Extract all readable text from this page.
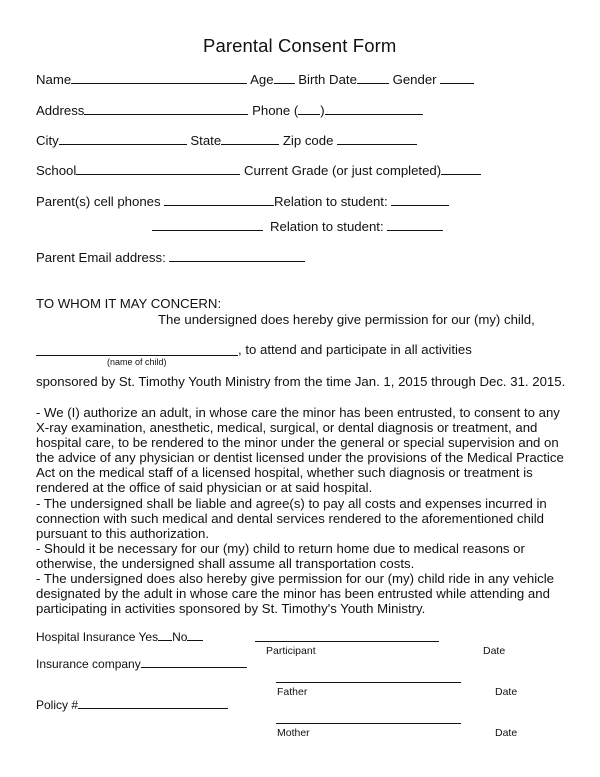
Parental Consent Form
Name	Age Birth Date	Gender
Address	Phone ( )
City	State	Zip code
School	Current Grade (or just completed)
Parent(s) cell phones	Relation to student:
Relation to student:
Parent Email address:
TO WHOM IT MAY CONCERN:
The undersigned does hereby give permission for our (my) child,
, to attend and participate in all activities
(name of child)
sponsored by St. Timothy Youth Ministry from the time Jan. 1, 2015 through Dec. 31. 2015.

- We (I) authorize an adult, in whose care the minor has been entrusted, to consent to any X-ray examination, anesthetic, medical, surgical, or dental diagnosis or treatment, and hospital care, to be rendered to the minor under the general or special supervision and on the advice of any physician or dentist licensed under the provisions of the Medical Practice Act on the medical staff of a licensed hospital, whether such diagnosis or treatment is rendered at the office of said physician or at said hospital.

- The undersigned shall be liable and agree(s) to pay all costs and expenses incurred in connection with such medical and dental services rendered to the aforementioned child pursuant to this authorization.

- Should it be necessary for our (my) child to return home due to medical reasons or otherwise, the undersigned shall assume all transportation costs.

- The undersigned does also hereby give permission for our (my) child ride in any vehicle designated by the adult in whose care the minor has been entrusted while attending and participating in activities sponsored by St. Timothy's Youth Ministry.

Hospital Insurance Yes No
Insurance company
Policy #
Participant	Date
Father	Date
Mother	Date
